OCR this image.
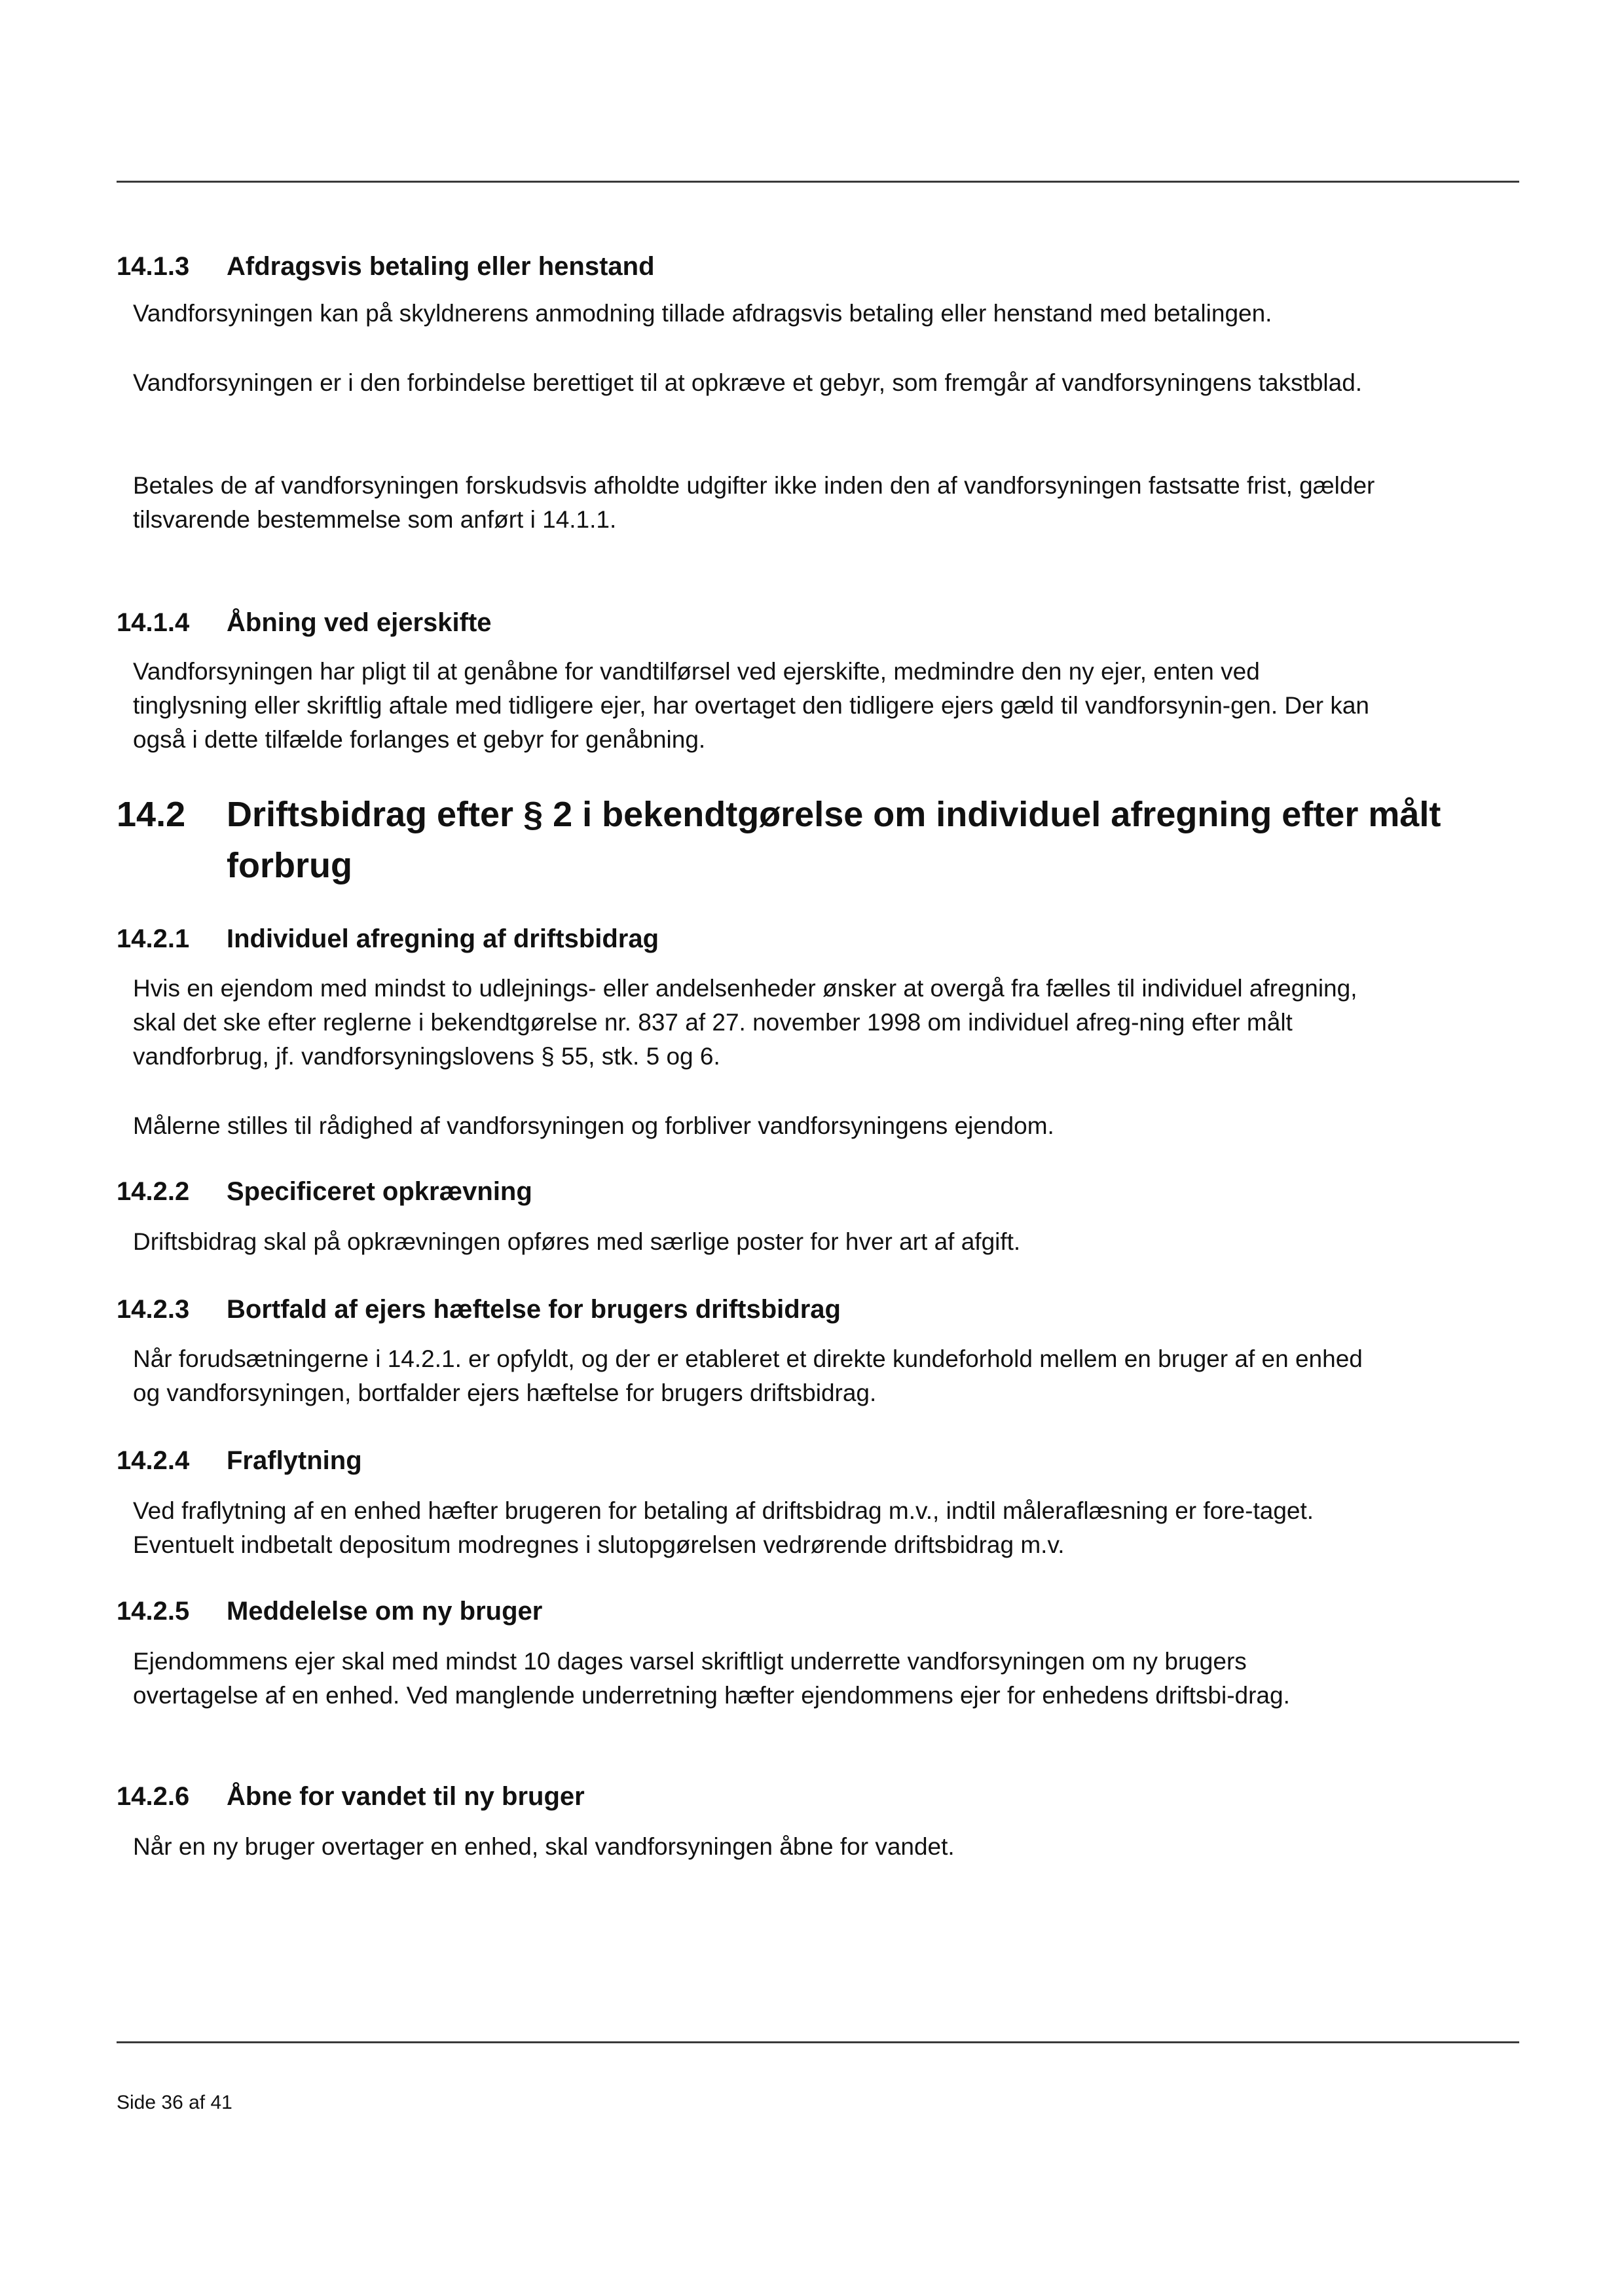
14.1.3 Afdragsvis betaling eller henstand

Vandforsyningen kan på skyldnerens anmodning tillade afdragsvis betaling eller henstand med betalingen.

Vandforsyningen er i den forbindelse berettiget til at opkræve et gebyr, som fremgår af vandforsyningens takstblad.

Betales de af vandforsyningen forskudsvis afholdte udgifter ikke inden den af vandforsyningen fastsatte frist, gælder tilsvarende bestemmelse som anført i 14.1.1.

14.1.4 Åbning ved ejerskifte

Vandforsyningen har pligt til at genåbne for vandtilførsel ved ejerskifte, medmindre den ny ejer, enten ved tinglysning eller skriftlig aftale med tidligere ejer, har overtaget den tidligere ejers gæld til vandforsynin-gen. Der kan også i dette tilfælde forlanges et gebyr for genåbning.

14.2	Driftsbidrag efter § 2 i bekendtgørelse om individuel afregning efter målt forbrug
14.2.1 Individuel afregning af driftsbidrag

Hvis en ejendom med mindst to udlejnings- eller andelsenheder ønsker at overgå fra fælles til individuel afregning, skal det ske efter reglerne i bekendtgørelse nr. 837 af 27. november 1998 om individuel afreg-ning efter målt vandforbrug, jf. vandforsyningslovens § 55, stk. 5 og 6.

Målerne stilles til rådighed af vandforsyningen og forbliver vandforsyningens ejendom.

14.2.2 Specificeret opkrævning

Driftsbidrag skal på opkrævningen opføres med særlige poster for hver art af afgift.

14.2.3 Bortfald af ejers hæftelse for brugers driftsbidrag

Når forudsætningerne i 14.2.1. er opfyldt, og der er etableret et direkte kundeforhold mellem en bruger af en enhed og vandforsyningen, bortfalder ejers hæftelse for brugers driftsbidrag.

14.2.4 Fraflytning

Ved fraflytning af en enhed hæfter brugeren for betaling af driftsbidrag m.v., indtil måleraflæsning er fore-taget. Eventuelt indbetalt depositum modregnes i slutopgørelsen vedrørende driftsbidrag m.v.

14.2.5 Meddelelse om ny bruger

Ejendommens ejer skal med mindst 10 dages varsel skriftligt underrette vandforsyningen om ny brugers overtagelse af en enhed. Ved manglende underretning hæfter ejendommens ejer for enhedens driftsbi-drag.

14.2.6 Åbne for vandet til ny bruger

Når en ny bruger overtager en enhed, skal vandforsyningen åbne for vandet.

Side 36 af 41
